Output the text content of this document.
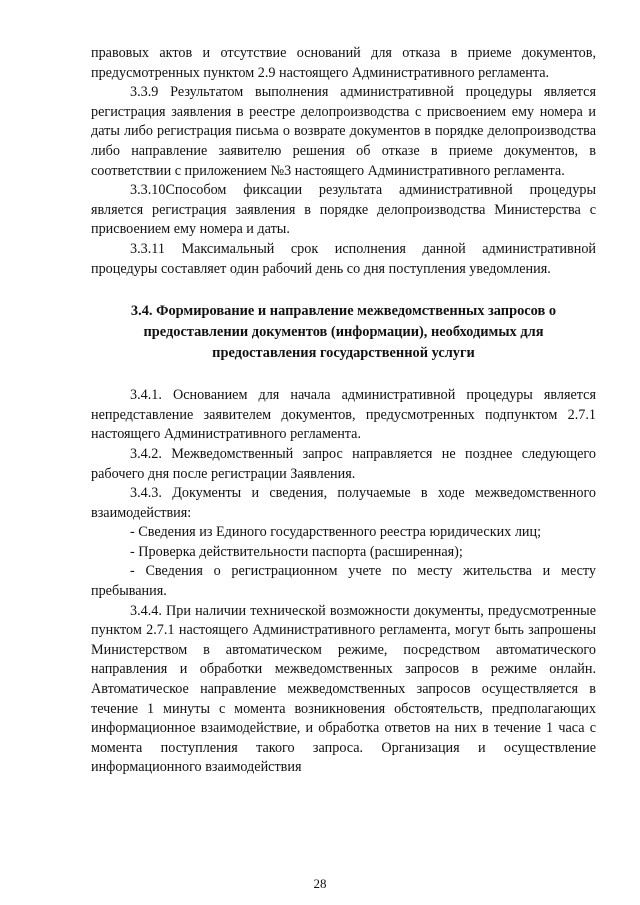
правовых актов и отсутствие оснований для отказа в приеме документов, предусмотренных пунктом 2.9 настоящего Административного регламента.

3.3.9 Результатом выполнения административной процедуры является регистрация заявления в реестре делопроизводства с присвоением ему номера и даты либо регистрация письма о возврате документов в порядке делопроизводства либо направление заявителю решения об отказе в приеме документов, в соответствии с приложением №3 настоящего Административного регламента.

3.3.10Способом фиксации результата административной процедуры является регистрация заявления в порядке делопроизводства Министерства с присвоением ему номера и даты.

3.3.11 Максимальный срок исполнения данной административной процедуры составляет один рабочий день со дня поступления уведомления.

3.4. Формирование и направление межведомственных запросов о предоставлении документов (информации), необходимых для предоставления государственной услуги

3.4.1. Основанием для начала административной процедуры является непредставление заявителем документов, предусмотренных подпунктом 2.7.1 настоящего Административного регламента.

3.4.2. Межведомственный запрос направляется не позднее следующего рабочего дня после регистрации Заявления.

3.4.3. Документы и сведения, получаемые в ходе межведомственного взаимодействия:

- Сведения из Единого государственного реестра юридических лиц;

- Проверка действительности паспорта (расширенная);

- Сведения о регистрационном учете по месту жительства и месту пребывания.

3.4.4. При наличии технической возможности документы, предусмотренные пунктом 2.7.1 настоящего Административного регламента, могут быть запрошены Министерством в автоматическом режиме, посредством автоматического направления и обработки межведомственных запросов в режиме онлайн. Автоматическое направление межведомственных запросов осуществляется в течение 1 минуты с момента возникновения обстоятельств, предполагающих информационное взаимодействие, и обработка ответов на них в течение 1 часа с момента поступления такого запроса. Организация и осуществление информационного взаимодействия

28
